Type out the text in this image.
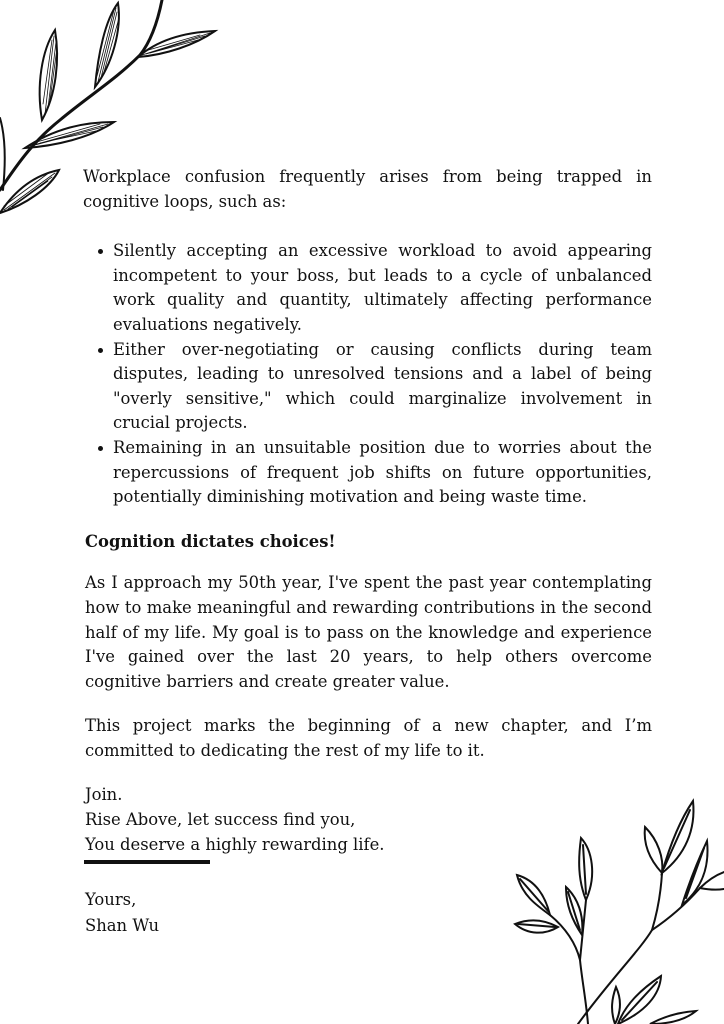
Workplace confusion frequently arises from being trapped in cognitive loops, such as:

Silently accepting an excessive workload to avoid appearing incompetent to your boss, but leads to a cycle of unbalanced work quality and quantity, ultimately affecting performance evaluations negatively.
Either over-negotiating or causing conflicts during team disputes, leading to unresolved tensions and a label of being "overly sensitive," which could marginalize involvement in crucial projects.
Remaining in an unsuitable position due to worries about the repercussions of frequent job shifts on future opportunities, potentially diminishing motivation and being waste time.

Cognition dictates choices!

As I approach my 50th year, I've spent the past year contemplating how to make meaningful and rewarding contributions in the second half of my life. My goal is to pass on the knowledge and experience I've gained over the last 20 years, to help others overcome cognitive barriers and create greater value.

This project marks the beginning of a new chapter, and I’m committed to dedicating the rest of my life to it.

Join.
Rise Above, let success find you,
You deserve a highly rewarding life.
Yours,
Shan Wu
